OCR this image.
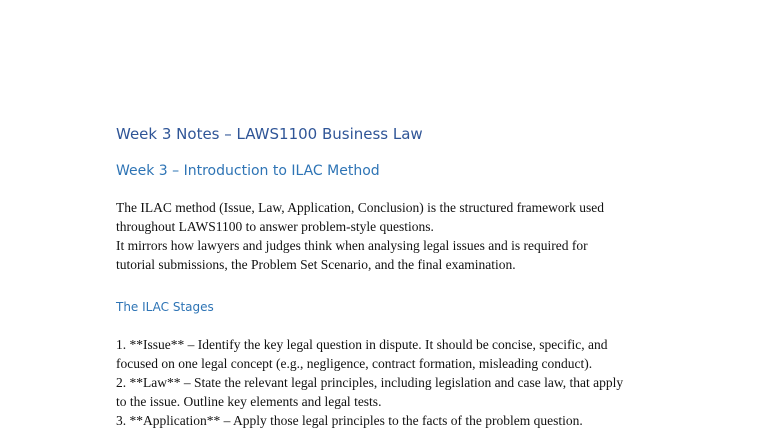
Week 3 Notes – LAWS1100 Business Law
Week 3 – Introduction to ILAC Method
The ILAC method (Issue, Law, Application, Conclusion) is the structured framework used
throughout LAWS1100 to answer problem-style questions.
It mirrors how lawyers and judges think when analysing legal issues and is required for
tutorial submissions, the Problem Set Scenario, and the final examination.
The ILAC Stages
1. **Issue** – Identify the key legal question in dispute. It should be concise, specific, and
focused on one legal concept (e.g., negligence, contract formation, misleading conduct).
2. **Law** – State the relevant legal principles, including legislation and case law, that apply
to the issue. Outline key elements and legal tests.
3. **Application** – Apply those legal principles to the facts of the problem question.
